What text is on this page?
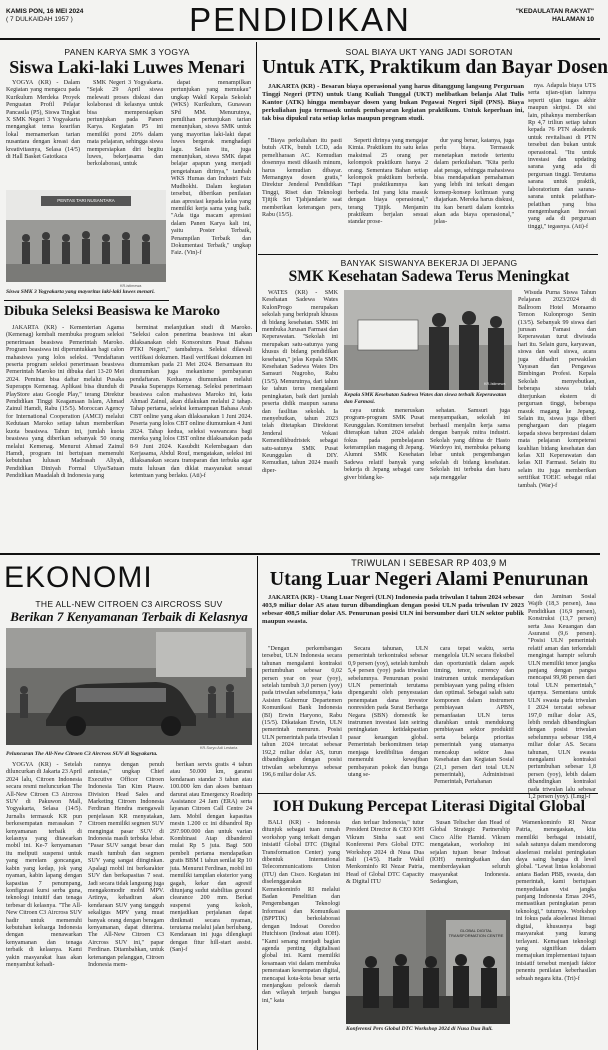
KAMIS PON, 16 MEI 2024
( 7 DULKAIDAH 1957 )	PENDIDIKAN	"KEDAULATAN RAKYAT"
HALAMAN 10
PANEN KARYA SMK 3 YOGYA
Siswa Laki-laki Luwes Menari

YOGYA (KR) - Dalam Kegiatan yang mengacu pada Kurikulum Merdeka Proyek Penguatan Profil Pelajar Pancasila (P5), Siswa Tingkat X SMK Negeri 3 Yogyakarta mengangkat tema kearifan lokal memamerkan tarian nusantara dengan kreasi dan kreativitasnya, Selasa (14/5) di Hall Basket Gatotkaca

SMK Negeri 3 Yogyakarta. "Sejak 29 April siswa melewati proses diskusi dan kolaborasi di kelasnya untuk bisa mempersiapkan pertunjukan pada Panen Karya. Kegiatan P5 ini memiliki porsi 20% dalam mata pelajaran, sehingga siswa mempersiapkan diri begitu luwes, bekerjasama dan berkolaborasi, untuk

dapat menampilkan pertunjukan yang memukau" ungkap Wakil Kepala Sekolah (WKS) Kurikulum, Gunawan SPd MM. Menurutnya, pemilihan pertunjukan tarian menunjukan, siswa SMK untuk yang mayoritas laki-laki dapat luwes bergerak menghadapi lagu. Selain itu, juga menunjukan, siswa SMK dapat belajar apapun yang menjadi pengetahuan dirinya," tambah WKS Humas dan Industri Faiz Mudhokhi. Dalam kegiatan tersebut, diberikan penilaian atas apresiasi kepada kelas yang memiliki kerja sama yang baik. "Ada tiga macam apresiasi dalam Panen Karya kali ini, yaitu Poster Terbaik, Penampilan Terbaik dan Dokumentasi Terbaik," ungkap Faiz. (Vin)-f

PENTAS TARI NUSANTARA
KR-istimewa
Siswa SMK 3 Yogyakarta yang mayoritas laki-laki luwes menari.
SOAL BIAYA UKT YANG JADI SOROTAN
Untuk ATK, Praktikum dan Bayar Dosen

JAKARTA (KR) - Besaran biaya operasional yang harus ditanggung langsung Perguruan Tinggi Negeri (PTN) untuk Uang Kuliah Tunggal (UKT) melibatkan belanja Alat Tulis Kantor (ATK) hingga membayar dosen yang bukan Pegawai Negeri Sipil (PNS). Biaya perkuliahan juga termasuk untuk pembayaran kegiatan praktikum. Untuk keperluan ini, tak bisa dipukul rata setiap kelas maupun program studi.

"Biaya perkuliahan itu pasti butuh ATK, butuh LCD, ada pemeliharaan AC. Kemudian dosennya mesti dikasih minum, harus kemudian dibayar. Memangnya dosen gratis," Direktur Jenderal Pendidikan Tinggi, Riset dan Teknologi Tjitjik Sri Tjahjandarie saat memberikan keterangan pers, Rabu (15/5).

Seperti dirinya yang mengajar Kimia. Praktikum itu satu kelas maksimal 25 orang per kelompok praktikum hanya 2 orang. Sementara Bahan setiap kelompok praktikum berbeda. "Tapi praktikumnya kan berbeda. Ini yang kita masuk dengan biaya operasional," terang Tjitjik. Menjamin praktikum berjalan sesuai standar prose-

dur yang benar, katanya, juga perlu biaya. Termasuk menetapkan metode tertentu dalam perkuliahan. "Kita perlu alat peraga, sehingga mahasiswa bisa mendapatkan pemahaman yang lebih ini terkait dengan konsep-konsep keilmuan yang diajarkan. Mereka harus diskusi, itu kan berarti dalam konteks akan ada biaya operasional," jelas-

nya. Adapula biaya UTS serta ujian-ujian lainnya seperti ujian tugas akhir maupun skripsi. Di sisi lain, pihaknya memberikan Rp 4,7 triliun setiap tahun kepada 76 PTN akademik untuk revitalisasi di PTN tersebut dan bukan untuk operasional. "Itu untuk investasi dan updating sarana yang ada di perguruan tinggi. Terutama sarana untuk praktik, laboratorium dan sarana-sarana untuk pelatihan-pelatihan yang bisa mengembangkan inovasi yang ada di perguruan tinggi," tegasnya. (Ati)-f

Dibuka Seleksi Beasiswa ke Maroko

JAKARTA (KR) - Kementerian Agama (Kemenag) kembali membuka program seleksi penerimaan beasiswa Pemerintah Maroko. Program beasiswa ini diperuntukkan bagi calon mahasiswa yang lolos seleksi. "Pendaftaran peserta program seleksi penerimaan beasiswa Pemerintah Maroko ini dibuka dari 13-20 Mei 2024. Peminat bisa daftar melalui Pusaka Superapps Kemenag. Aplikasi bisa diunduh di PlayStore atau Google Play," terang Direktur Pendidikan Tinggi Keagamaan Islam, Ahmad Zainul Hamdi, Rabu (15/5). Moroccan Agency for International Cooperation (AMCI) melalui Kedutaan Maroko setiap tahun memberikan kuota beasiswa. Tahun ini, jumlah kuota beasiswa yang diberikan sebanyak 50 orang melalui Kemenag. Menurut Ahmad Zainul Hamdi, program ini bertujuan memenuhi kebutuhan lulusan Madrasah Aliyah, Pendidikan Diniyah Formal Ulya/Satuan Pendidikan Muadalah di Indonesia yang

berminat melanjutkan studi di Maroko. "Seleksi calon penerima beasiswa ini akan dilaksanakan oleh Konsorsium Pusat Bahasa PTKI Negeri," tambahnya. Seleksi dilawali verifikasi dokumen. Hasil verifikasi dokumen ini diumumkan pada 21 Mei 2024. Bersamaan itu diumumkan juga mekanisme pembayaran pendaftaran. Keduanya diumumkan melalui Pusaka Superapps Kemenag. Seleksi penerimaan beasiswa calon mahasiswa Maroko ini, kata Ahmad Zainul, akan dilakukan melalui 2 tahap. Tahap pertama, seleksi kemampuan Bahasa Arab CBT online yang akan dilaksanakan 1 Juni 2024. Peserta yang lolos CBT online diumumkan 4 Juni 2024. Tahap kedua, seleksi wawancara bagi mereka yang lolos CBT online dilaksanakan pada 8-9 Juni 2024. Kasubdit Kelembagaan dan Kerjasama, Abdul Rouf, mengatakan, seleksi ini dilaksanakan secara transparan dan terbuka agar mutu lulusan dan diklat masyarakat sesuai ketentuan yang berlaku. (Ati)-f

BANYAK SISWANYA BEKERJA DI JEPANG
SMK Kesehatan Sadewa Terus Meningkat

WATES (KR) - SMK Kesehatan Sadewa Wates KulonProgo merupakan sekolah yang berkiprah khusus di bidang kesehatan. SMK ini membuka Jurusan Farmasi dan Keperawatan. "Sekolah ini merupakan satu-satunya yang khusus di bidang pendidikan kesehatan," jelas Kepala SMK Kesehatan Sadewa Wates Drs Samsuri Nugroho, Rabu (15/5). Menurutnya, dari tahun ke tahun terus mengalami peningkatan, baik dari jumlah peserta didik maupun sarana dan fasilitas sekolah. Ia menyebutkan, tahun 2023 telah ditetapkan Direktorat Jenderal Vokasi Kemendikbudristek sebagai satu-satunya SMK Pusat Keunggulan di DIY. Kemudian, tahun 2024 masih diper-

KR-Istimewa
Kepala SMK Kesehatan Sadewa Wates dan siswa terbaik Keperawatan dan Farmasi.

caya untuk meneruskan program-program SMK Pusat Keunggulan. Komitmen tersebut diterapkan tahun 2024 adalah fokus pada pembelajaran keterampilan magang di Jepang. Alumni SMK Kesehatan Sadewa relatif banyak yang bekerja di Jepang sebagai care giver bidang ke-

sehatan. Samsuri juga menyampaikan, sekolah ini berhasil menjalin kerja sama dengan banyak mitra industri. Sekolah yang dibina dr Hasto Wardoyo ini, membuka peluang lebar untuk pengembangan sekolah di bidang kesehatan. Sekolah ini terbuka dan baru saja menggelar

Wisuda Purna Siswa Tahun Pelajaran 2023/2024 di Ballroom Hotel Moraamo Temon Kulonprogo Senin (13/5). Sebanyak 99 siswa dari jurusan Famasi dan Keperawatan turut diwisuda hari itu. Selain guru, karyawan, siswa dan wali siswa, acara juga dihadiri perwakilan Yayasan dan Pengawas Bimbingan Profesi. Kepala Sekolah menyebutkan, beberapa siswa telah diterjunkan ekstern di perguruan tinggi, beberapa masuk magang ke Jepang. Selain itu, siswa juga diberi penghargaan dan piagam kepada siswa berprestasi dalam mata pelajaran kompetensi keahlian bidang kesehatan dan kelas XII Keperawatan dan kelas XII Farmasi. Selain itu selain itu juga memberikan sertifikat TOEIC sebagai nilai tambah. (War)-f

EKONOMI
THE ALL-NEW CITROEN C3 AIRCROSS SUV
Berikan 7 Kenyamanan Terbaik di Kelasnya
KR-Suryo Adi Lestaria
Peluncuran The All-New Citroen C3 Aircross SUV di Yogyakarta.

YOGYA (KR) - Setelah diluncurkan di Jakarta 23 April 2024 lalu, Citroen Indonesia secara resmi meluncurkan The All-New Citroen C3 Aircross SUV di Pakuwon Mall, Yogyakarta, Selasa (14/5). Jurnalis termasuk KR pun berkesempatan merasakan 7 kenyamanan terbaik di kelasnya yang ditawarkan mobil ini. Ke-7 kenyamanan itu meliputi suspensi untuk yang merelam goncangan, kabin yang kedap, jok yang nyaman, kabin lapang dengan kapasitas 7 penumpang, konfigurasi kursi serba guna, teknologi intuitif dan tenaga terbesar di kelasnya. "The All-New Citroen C3 Aircross SUV hadir untuk memenuhi kebutuhan keluarga Indonesia dengan menawarkan kenyamanan dan tenaga terbaik di kelasnya. Kami yakin masyarakat luas akan menyambut kehadi-

rannya dengan penuh antusias," ungkap Chief Executive Officer Citroen Indonesia Tan Kim Piauw. Division Head Sales and Marketing Citroen Indonesia Ferdinan Hendra mengawali penjelasan KR menyatakan, Citroen memiliki segmen SUV mengingat pasar SUV di Indonesia masih terbuka lebar. "Pasar SUV sangat besar dan masih tumbuh dan segmen SUV yang sangat diinginkan. Apalagi mobil ini berkarakter SUV dan berkapasitas 7 seat. Jadi secara tidak langsung juga mengakomodir mobil MPV. Artinya, kehadiran akan kendaraan SUV yang tangguh sekaligus MPV yang muat banyak orang dengan beragam kenyamanan, dapat diterima. The All-New Citroen C3 Aircross SUV ini," papar Ferdinan. Ditambahkan, untuk ketenangan pelanggan, Citroen Indonesia mem-

berikan servis gratis 4 tahun atau 50.000 km, garansi kendaraan standar 3 tahun atau 100.000 km dan akses bantuan darurat atau Emergency Roadtrip Assistance 24 Jam (ERA) serta layanan Citroen Call Centre 24 Jam. Mobil dengan kapasitas mesin 1.200 cc ini dibandrol Rp 297.900.000 dan untuk varian Kombinasi Atap dibanderol mulai Rp 5 juta. Bagi 500 pembeli pertama mendapatkan gratis BBM 1 tahun senilai Rp 10 juta. Menurut Ferdinan, mobil ini memiliki tampilan eksterior yang gagah, kekar dan agresif ditunjang sudut stabilitas ground clearance 200 mm. Berkat suspensi yang kokoh, menjadikan perjalanan dapat dinikmati secara nyaman, terutama melalui jalan berlubang. Kendaraan ini juga dilengkapi dengan fitur hill-start assist. (San)-f

TRIWULAN I SEBESAR RP 403,9 M
Utang Luar Negeri Alami Penurunan

JAKARTA (KR) - Utang Luar Negeri (ULN) Indonesia pada triwulan I tahun 2024 sebesar 403,9 miliar dolar AS atau turun dibandingkan dengan posisi ULN pada triwulan IV 2023 sebesar 408,5 miliar dolar AS. Penurunan posisi ULN ini bersumber dari ULN sektor publik maupun swasta.

"Dengan perkembangan tersebut, ULN Indonesia secara tahunan mengalami kontraksi pertumbuhan sebesar 0,02 persen year on year (yoy), setelah tumbuh 3,0 persen (yoy) pada triwulan sebelumnya," kata Asisten Gubernur Departemen Komunikasi Bank Indonesia (BI) Erwin Haryono, Rabu (15/5). Dikatakan Erwin, ULN pemerintah menurun. Posisi ULN pemerintah pada triwulan I tahun 2024 tercatat sebesar 192,2 miliar dolar AS, turun dibandingkan dengan posisi triwulan sebelumnya sebesar 196,6 miliar dolar AS.

Secara tahunan, ULN pemerintah terkontraksi sebesar 0,9 persen (yoy), setelah tumbuh 5,4 persen (yoy) pada triwulan sebelumnya. Penurunan posisi ULN pemerintah terutama dipengaruhi oleh penyesuaian penempatan dana investor nonresiden pada Surat Berharga Negara (SBN) domestik ke instrumen investasi lain seiring peningkatan ketidakpastian pasar keuangan global. Pemerintah berkomitmen tetap menjaga kredibilitas dengan memenuhi kewajiban pembayaran pokok dan bunga utang se-

cara tepat waktu, serta mengelola ULN secara fleksibel dan oportunistik dalam aspek timing, tenor, currency dan instrumen untuk mendapatkan pembiayaan yang paling efisien dan optimal. Sebagai salah satu komponen dalam instrumen pembiayaan APBN, pemanfaatan ULN terus diarahkan untuk mendukung pembiayaan sektor produktif serta belanja prioritas pemerintah yang utamanya mencakup sektor Jasa Kesehatan dan Kegiatan Sosial (21,1 persen dari total ULN pemerintah), Administrasi Pemerintah, Pertahanan

dan Jaminan Sosial Wajib (18,3 persen), Jasa Pendidikan (16,9 persen), Konstruksi (13,7 persen) serta Jasa Keuangan dan Asuransi (9,6 persen). "Posisi ULN pemerintah relatif aman dan terkendali mengingat hampir seluruh ULN memiliki tenor jangka panjang dengan pangsa mencapai 99,98 persen dari total ULN pemerintah," ujarnya. Sementara untuk ULN swasta pada triwulan I 2024 tercatat sebesar 197,0 miliar dolar AS, lebih rendah dibandingkan dengan posisi triwulan sebelumnya sebesar 198,4 miliar dolar AS. Secara tahunan, ULN swasta mengalami kontraksi pertumbuhan sebesar 1,8 persen (yoy), lebih dalam dibandingkan kontraksi pada triwulan lalu sebesar 1,2 persen (yoy). (Lmg)-f

IOH Dukung Percepat Literasi Digital Global

BALI (KR) - Indonesia ditunjuk sebagai tuan rumah workshop yang terkait dengan inisiatif Global DTC (Digital Transformation Center) yang dibentuk International Telecommunications Union (ITU) dan Cisco. Kegiatan ini diselenggarakan Kemenkominfo RI melalui Badan Penelitian dan Pengembangan Teknologi Informasi dan Komunikasi (BPPTIK) berkolaborasi dengan Indosat Ooredoo Hutchison (Indosat atau IOH). "Kami senang menjadi bagian agenda penting digitalisasi global ini. Kami memiliki kesamaan visi dalam membuka pemerataan kesempatan digital, mencapai kota-kota besar serta menjangkau pelosok daerah dan wilayah terjauh bangsa ini," kata

dan terluar Indonesia," tutur President Director & CEO IOH Vikram Sinha saat sesi Konferensi Pers Global DTC Workshop 2024 di Nusa Dua Bali (14/5). Hadir Wakil Menkominfo RI Nezar Patria, Head of Global DTC Capacity & Digital ITU

Susan Teltscher dan Head of Global Strategic Partnership Cisco Alfie Hamid. Vikram mengatakan, workshop ini sejalan tujuan besar Indosat (IOH) meningkatkan dan memberdayakan seluruh masyarakat Indonesia. Sedangkan,

GLOBAL DIGITAL TRANSFORMATION CENTRE
Konferensi Pers Global DTC Workshop 2024 di Nusa Dua Bali.

Wamenkominfo RI Nezar Patria, menegaskan, kita memiliki berbagai inisiatif, salah satunya dalam mendorong akselerasi melalui peningkatan daya saing bangsa di level global. "Lewat lintas kolaborasi antara Badan PBB, swasta, dan pemerintah, kami bertujuan menyediakan visi jangka panjang Indonesia Emas 2045, memastikan peningkatan peran teknologi," tuturnya. Workshop ini fokus pada akselerasi literasi digital, khususnya bagi masyarakat yang kurang terlayani. Kemajuan teknologi yang signifikan dalam memajukan implementasi tujuan inisiatif tersebut menjadi faktor penentu penilaian keberhasilan sebuah negara kita. (Tri)-f
